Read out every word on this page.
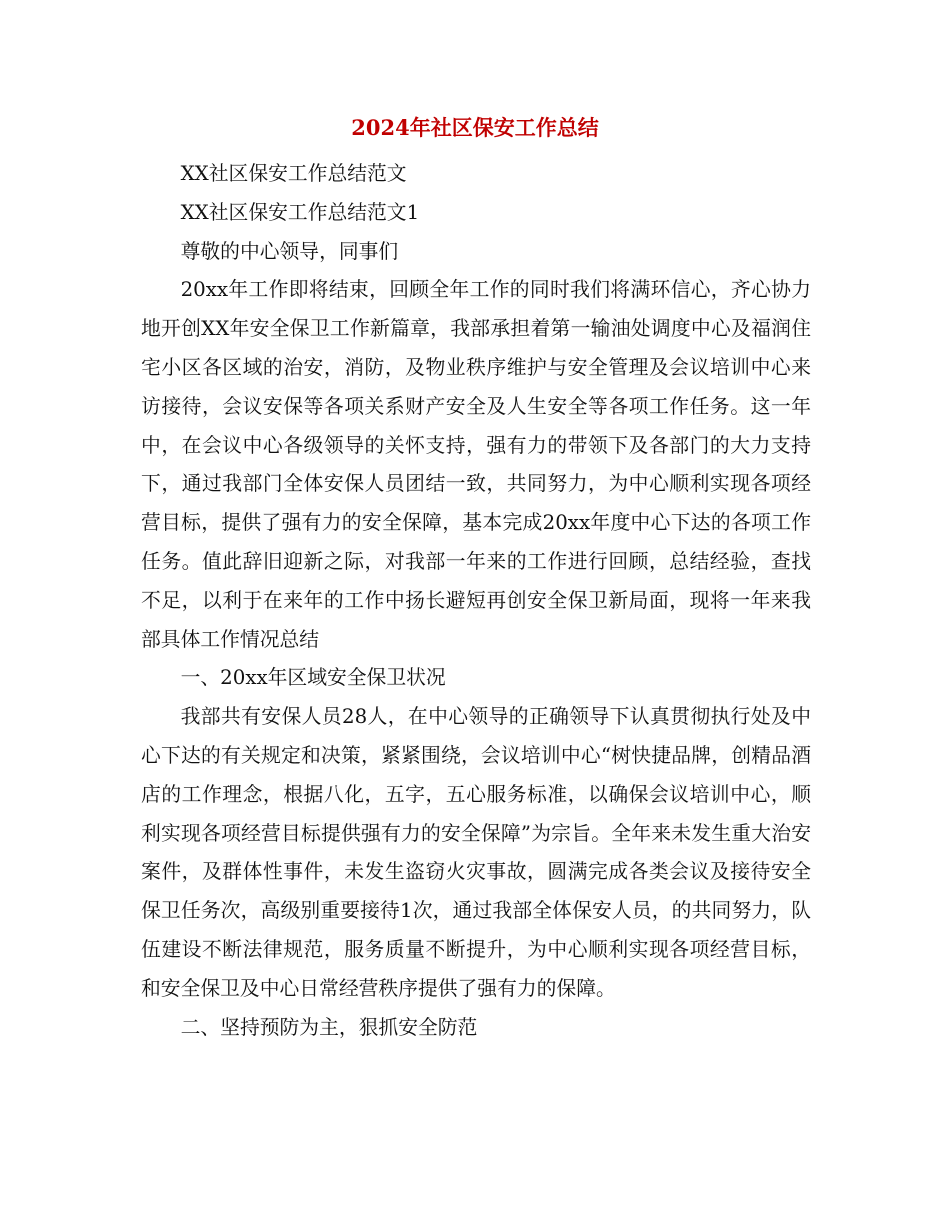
2024年社区保安工作总结

XX社区保安工作总结范文

XX社区保安工作总结范文1

尊敬的中心领导，同事们

20xx年工作即将结束，回顾全年工作的同时我们将满环信心，齐心协力地开创XX年安全保卫工作新篇章，我部承担着第一输油处调度中心及福润住宅小区各区域的治安，消防，及物业秩序维护与安全管理及会议培训中心来访接待，会议安保等各项关系财产安全及人生安全等各项工作任务。这一年中，在会议中心各级领导的关怀支持，强有力的带领下及各部门的大力支持下，通过我部门全体安保人员团结一致，共同努力，为中心顺利实现各项经营目标，提供了强有力的安全保障，基本完成20xx年度中心下达的各项工作任务。值此辞旧迎新之际，对我部一年来的工作进行回顾，总结经验，查找不足，以利于在来年的工作中扬长避短再创安全保卫新局面，现将一年来我部具体工作情况总结

一、20xx年区域安全保卫状况

我部共有安保人员28人，在中心领导的正确领导下认真贯彻执行处及中心下达的有关规定和决策，紧紧围绕，会议培训中心“树快捷品牌，创精品酒店的工作理念，根据八化，五字，五心服务标准，以确保会议培训中心，顺利实现各项经营目标提供强有力的安全保障”为宗旨。全年来未发生重大治安案件，及群体性事件，未发生盗窃火灾事故，圆满完成各类会议及接待安全保卫任务次，高级别重要接待1次，通过我部全体保安人员，的共同努力，队伍建设不断法律规范，服务质量不断提升，为中心顺利实现各项经营目标，和安全保卫及中心日常经营秩序提供了强有力的保障。

二、坚持预防为主，狠抓安全防范
